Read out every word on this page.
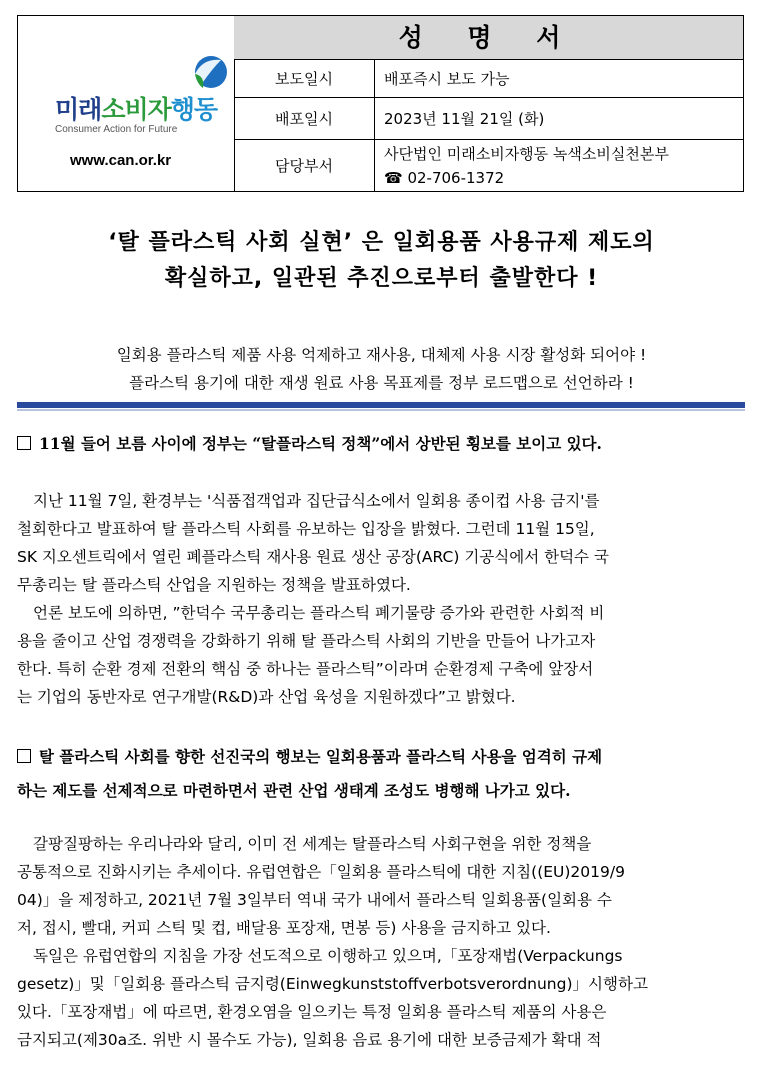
미래소비자행동
Consumer Action for Future
www.can.or.kr
성 명 서
보도일시	배포즉시 보도 가능
배포일시	2023년 11월 21일 (화)
담당부서
사단법인 미래소비자행동 녹색소비실천본부
☎ 02-706-1372
‘탈 플라스틱 사회 실현’ 은 일회용품 사용규제 제도의
확실하고, 일관된 추진으로부터 출발한다 !
일회용 플라스틱 제품 사용 억제하고 재사용, 대체제 사용 시장 활성화 되어야 !
플라스틱 용기에 대한 재생 원료 사용 목표제를 정부 로드맵으로 선언하라 !
11월 들어 보름 사이에 정부는 “탈플라스틱 정책”에서 상반된 횡보를 보이고 있다.
지난 11월 7일, 환경부는 '식품접객업과 집단급식소에서 일회용 종이컵 사용 금지'를
철회한다고 발표하여 탈 플라스틱 사회를 유보하는 입장을 밝혔다. 그런데 11월 15일,
SK 지오센트릭에서 열린 폐플라스틱 재사용 원료 생산 공장(ARC) 기공식에서 한덕수 국
무총리는 탈 플라스틱 산업을 지원하는 정책을 발표하였다.
언론 보도에 의하면, ”한덕수 국무총리는 플라스틱 폐기물량 증가와 관련한 사회적 비
용을 줄이고 산업 경쟁력을 강화하기 위해 탈 플라스틱 사회의 기반을 만들어 나가고자
한다. 특히 순환 경제 전환의 핵심 중 하나는 플라스틱”이라며 순환경제 구축에 앞장서
는 기업의 동반자로 연구개발(R&D)과 산업 육성을 지원하겠다”고 밝혔다.
탈 플라스틱 사회를 향한 선진국의 행보는 일회용품과 플라스틱 사용을 엄격히 규제
하는 제도를 선제적으로 마련하면서 관련 산업 생태계 조성도 병행해 나가고 있다.
갈팡질팡하는 우리나라와 달리, 이미 전 세계는 탈플라스틱 사회구현을 위한 정책을
공통적으로 진화시키는 추세이다. 유럽연합은「일회용 플라스틱에 대한 지침((EU)2019/9
04)」을 제정하고, 2021년 7월 3일부터 역내 국가 내에서 플라스틱 일회용품(일회용 수
저, 접시, 빨대, 커피 스틱 및 컵, 배달용 포장재, 면봉 등) 사용을 금지하고 있다.
독일은 유럽연합의 지침을 가장 선도적으로 이행하고 있으며,「포장재법(Verpackungs
gesetz)」및「일회용 플라스틱 금지령(Einwegkunststoffverbotsverordnung)」시행하고
있다.「포장재법」에 따르면, 환경오염을 일으키는 특정 일회용 플라스틱 제품의 사용은
금지되고(제30a조. 위반 시 몰수도 가능), 일회용 음료 용기에 대한 보증금제가 확대 적
